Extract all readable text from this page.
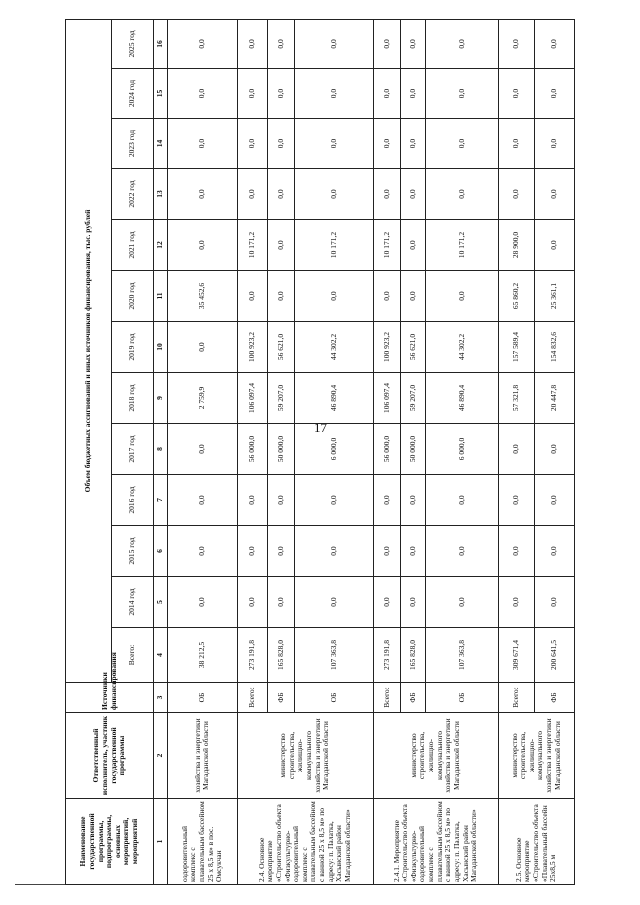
17
Наименование государственной программы, подпрограммы, основных мероприятий, мероприятий	Ответственный исполнитель, участник государственной программы	Источники финансирования	Объем бюджетных ассигнований и иных источников финансирования, тыс. рублей												
			Всего:	2014 год	2015 год	2016 год	2017 год	2018 год	2019 год	2020 год	2021 год	2022 год	2023 год	2024 год	2025 год
1	2	3	4	5	6	7	8	9	10	11	12	13	14	15	16
оздоровительный комплекс с плавательным бассейном 25 х 8,5 м» в пос. Омсукчан	хозяйства и энергетики Магаданской области	ОБ	38 212,5	0,0	0,0	0,0	0,0	2 759,9	0,0	35 452,6	0,0	0,0	0,0	0,0	0,0
2.4. Основное мероприятие «Строительство объекта «Физкультурно-оздоровительный комплекс с плавательным бассейном с ванной 25 х 8,5 м» по адресу: п. Палатка, Хасынский район Магаданской области»	министерство строительства, жилищно-коммунального хозяйства и энергетики Магаданской области	Всего:	273 191,8	0,0	0,0	0,0	56 000,0	106 097,4	100 923,2	0,0	10 171,2	0,0	0,0	0,0	0,0
		ФБ	165 828,0	0,0	0,0	0,0	50 000,0	59 207,0	56 621,0	0,0	0,0	0,0	0,0	0,0	0,0
		ОБ	107 363,8	0,0	0,0	0,0	6 000,0	46 890,4	44 302,2	0,0	10 171,2	0,0	0,0	0,0	0,0
2.4.1. Мероприятие «Строительство объекта «Физкультурно-оздоровительный комплекс с плавательным бассейном с ванной 25 х 8,5 м» по адресу: п. Палатка, Хасынский район Магаданской области»	министерство строительства, жилищно-коммунального хозяйства и энергетики Магаданской области	Всего:	273 191,8	0,0	0,0	0,0	56 000,0	106 097,4	100 923,2	0,0	10 171,2	0,0	0,0	0,0	0,0
		ФБ	165 828,0	0,0	0,0	0,0	50 000,0	59 207,0	56 621,0	0,0	0,0	0,0	0,0	0,0	0,0
		ОБ	107 363,8	0,0	0,0	0,0	6 000,0	46 890,4	44 302,2	0,0	10 171,2	0,0	0,0	0,0	0,0
2.5. Основное мероприятие «Строительство объекта «Плавательный бассейн 25х8,5 м	министерство строительства, жилищно-коммунального хозяйства и энергетики Магаданской области	Всего:	309 671,4	0,0	0,0	0,0	0,0	57 321,8	157 589,4	65 860,2	28 900,0	0,0	0,0	0,0	0,0
		ФБ	200 641,5	0,0	0,0	0,0	0,0	20 447,8	154 832,6	25 361,1	0,0	0,0	0,0	0,0	0,0
